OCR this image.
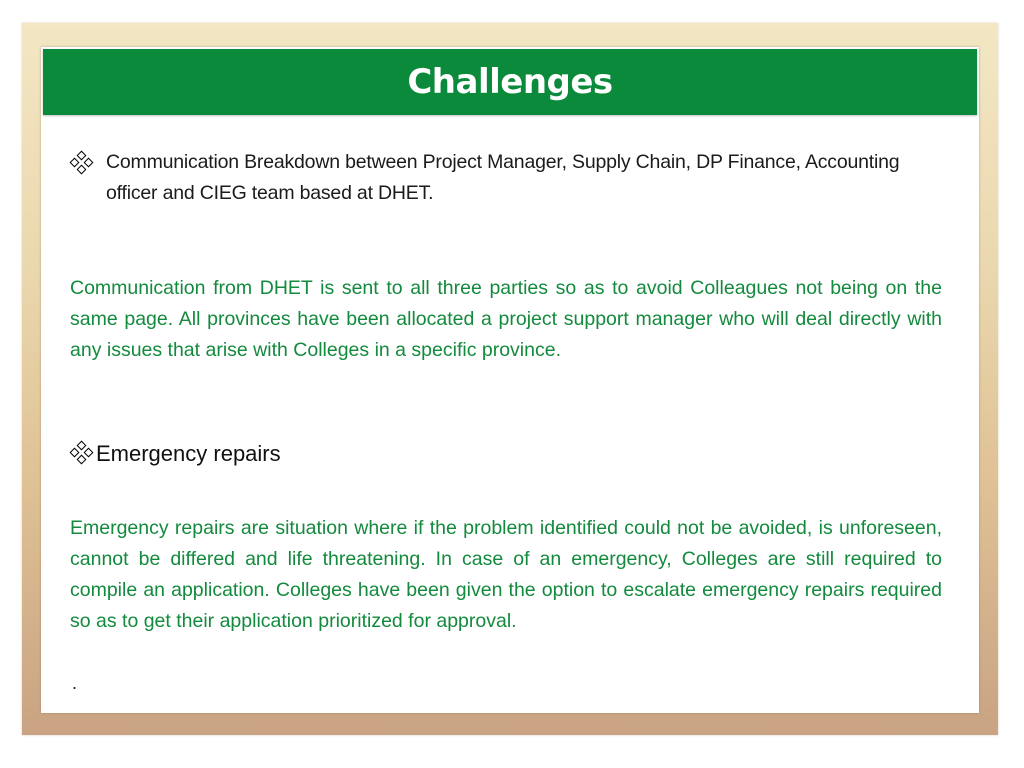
Challenges
Communication Breakdown between Project Manager, Supply Chain, DP Finance, Accounting officer and CIEG team based at DHET.

Communication from DHET is sent to all three parties so as to avoid Colleagues not being on the same page. All provinces have been allocated a project support manager who will deal directly with any issues that arise with Colleges in a specific province.

Emergency repairs

Emergency repairs are situation where if the problem identified could not be avoided, is unforeseen, cannot be differed and life threatening. In case of an emergency, Colleges are still required to compile an application. Colleges have been given the option to escalate emergency repairs required so as to get their application prioritized for approval.

.
